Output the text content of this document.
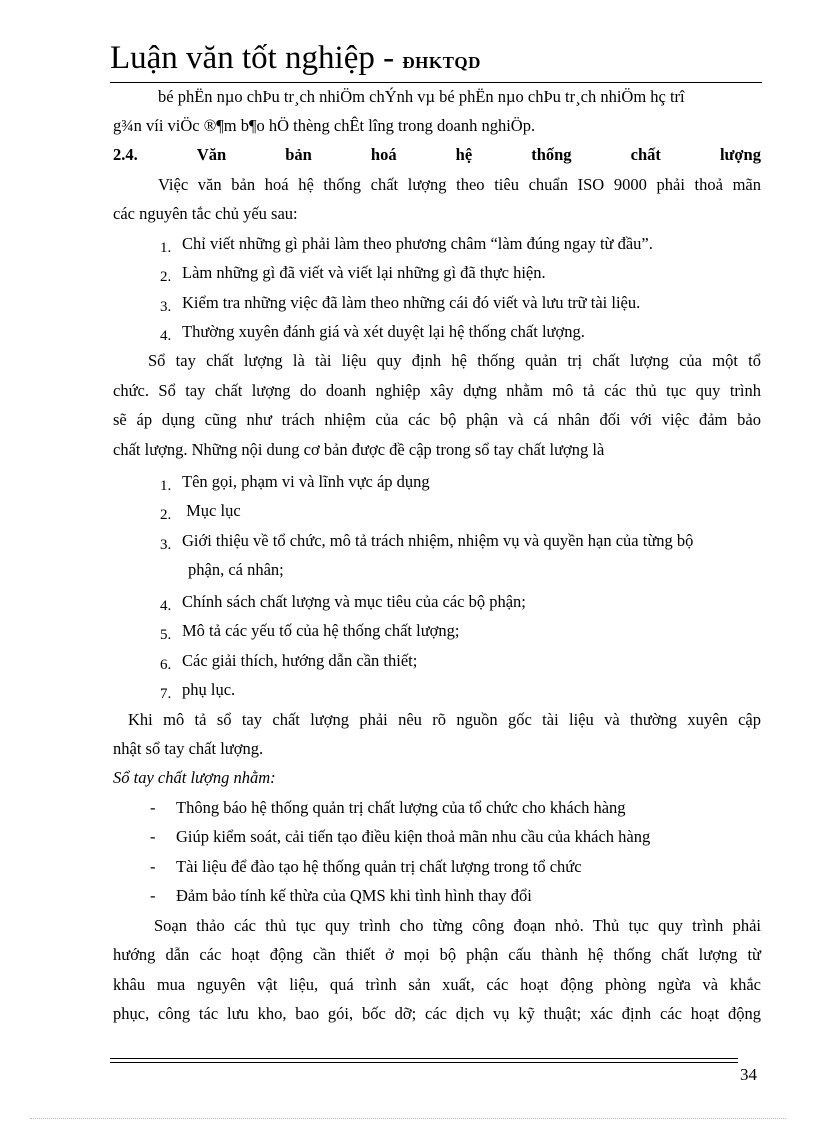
Luận văn tốt nghiệp - ĐHKTQD
bé phËn nµo chÞu tr¸ch nhiÖm chÝnh vµ bé phËn nµo chÞu tr¸ch nhiÖm hç trî
g¾n víi viÖc ®¶m b¶o hÖ thèng chÊt lîng trong doanh nghiÖp.
2.4.	Văn	bản	hoá	hệ	thống	chất	lượng
Việc văn bản hoá hệ thống chất lượng theo tiêu chuẩn ISO 9000 phải thoả mãn
các nguyên tắc chủ yếu sau:
1. Chỉ viết những gì phải làm theo phương châm “làm đúng ngay từ đầu”.
2. Làm những gì đã viết và viết lại những gì đã thực hiện.
3. Kiểm tra những việc đã làm theo những cái đó viết và lưu trữ tài liệu.
4. Thường xuyên đánh giá và xét duyệt lại hệ thống chất lượng.
Sổ tay chất lượng là tài liệu quy định hệ thống quản trị chất lượng của một tổ
chức. Sổ tay chất lượng do doanh nghiệp xây dựng nhằm mô tả các thủ tục quy trình
sẽ áp dụng cũng như trách nhiệm của các bộ phận và cá nhân đối với việc đảm bảo
chất lượng. Những nội dung cơ bản được đề cập trong sổ tay chất lượng là
1. Tên gọi, phạm vi và lĩnh vực áp dụng
2. Mục lục
3. Giới thiệu về tổ chức, mô tả trách nhiệm, nhiệm vụ và quyền hạn của từng bộ
phận, cá nhân;
4. Chính sách chất lượng và mục tiêu của các bộ phận;
5. Mô tả các yếu tố của hệ thống chất lượng;
6. Các giải thích, hướng dẫn cần thiết;
7. phụ lục.
Khi mô tả sổ tay chất lượng phải nêu rõ nguồn gốc tài liệu và thường xuyên cập
nhật sổ tay chất lượng.
Sổ tay chất lượng nhằm:
- Thông báo hệ thống quản trị chất lượng của tổ chức cho khách hàng
- Giúp kiểm soát, cải tiến tạo điều kiện thoả mãn nhu cầu của khách hàng
- Tài liệu để đào tạo hệ thống quản trị chất lượng trong tổ chức
- Đảm bảo tính kế thừa của QMS khi tình hình thay đổi
Soạn thảo các thủ tục quy trình cho từng công đoạn nhỏ. Thủ tục quy trình phải
hướng dẫn các hoạt động cần thiết ở mọi bộ phận cấu thành hệ thống chất lượng từ
khâu mua nguyên vật liệu, quá trình sản xuất, các hoạt động phòng ngừa và khắc
phục, công tác lưu kho, bao gói, bốc dỡ; các dịch vụ kỹ thuật; xác định các hoạt động
34
